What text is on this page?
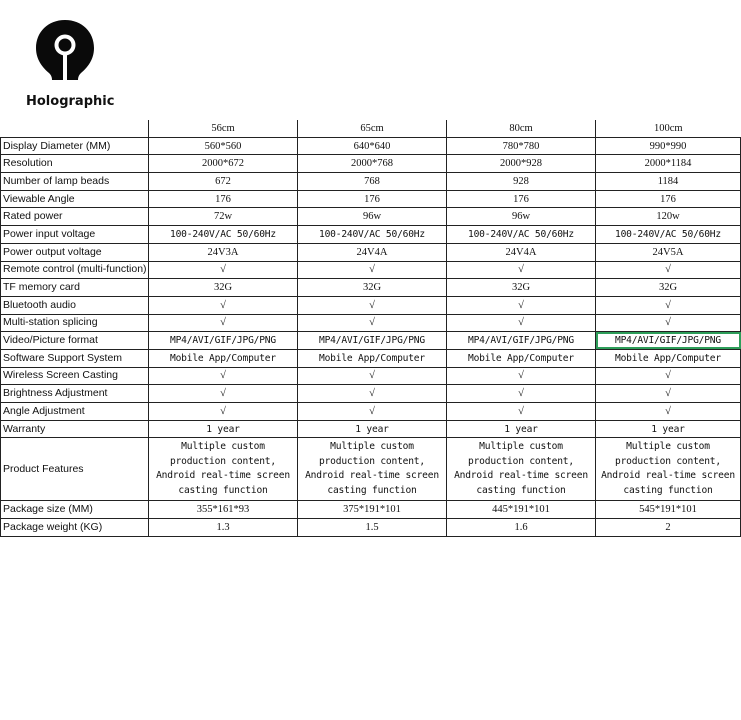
Holographic
	56cm	65cm	80cm	100cm
Display Diameter (MM)	560*560	640*640	780*780	990*990
Resolution	2000*672	2000*768	2000*928	2000*1184
Number of lamp beads	672	768	928	1184
Viewable Angle	176	176	176	176
Rated power	72w	96w	96w	120w
Power input voltage	100-240V/AC 50/60Hz	100-240V/AC 50/60Hz	100-240V/AC 50/60Hz	100-240V/AC 50/60Hz
Power output voltage	24V3A	24V4A	24V4A	24V5A
Remote control (multi-function)	√	√	√	√
TF memory card	32G	32G	32G	32G
Bluetooth audio	√	√	√	√
Multi-station splicing	√	√	√	√
Video/Picture format	MP4/AVI/GIF/JPG/PNG	MP4/AVI/GIF/JPG/PNG	MP4/AVI/GIF/JPG/PNG	MP4/AVI/GIF/JPG/PNG
Software Support System	Mobile App/Computer	Mobile App/Computer	Mobile App/Computer	Mobile App/Computer
Wireless Screen Casting	√	√	√	√
Brightness Adjustment	√	√	√	√
Angle Adjustment	√	√	√	√
Warranty	1 year	1 year	1 year	1 year
Product Features	Multiple custom production content, Android real-time screen casting function	Multiple custom production content, Android real-time screen casting function	Multiple custom production content, Android real-time screen casting function	Multiple custom production content, Android real-time screen casting function
Package size (MM)	355*161*93	375*191*101	445*191*101	545*191*101
Package weight (KG)	1.3	1.5	1.6	2
